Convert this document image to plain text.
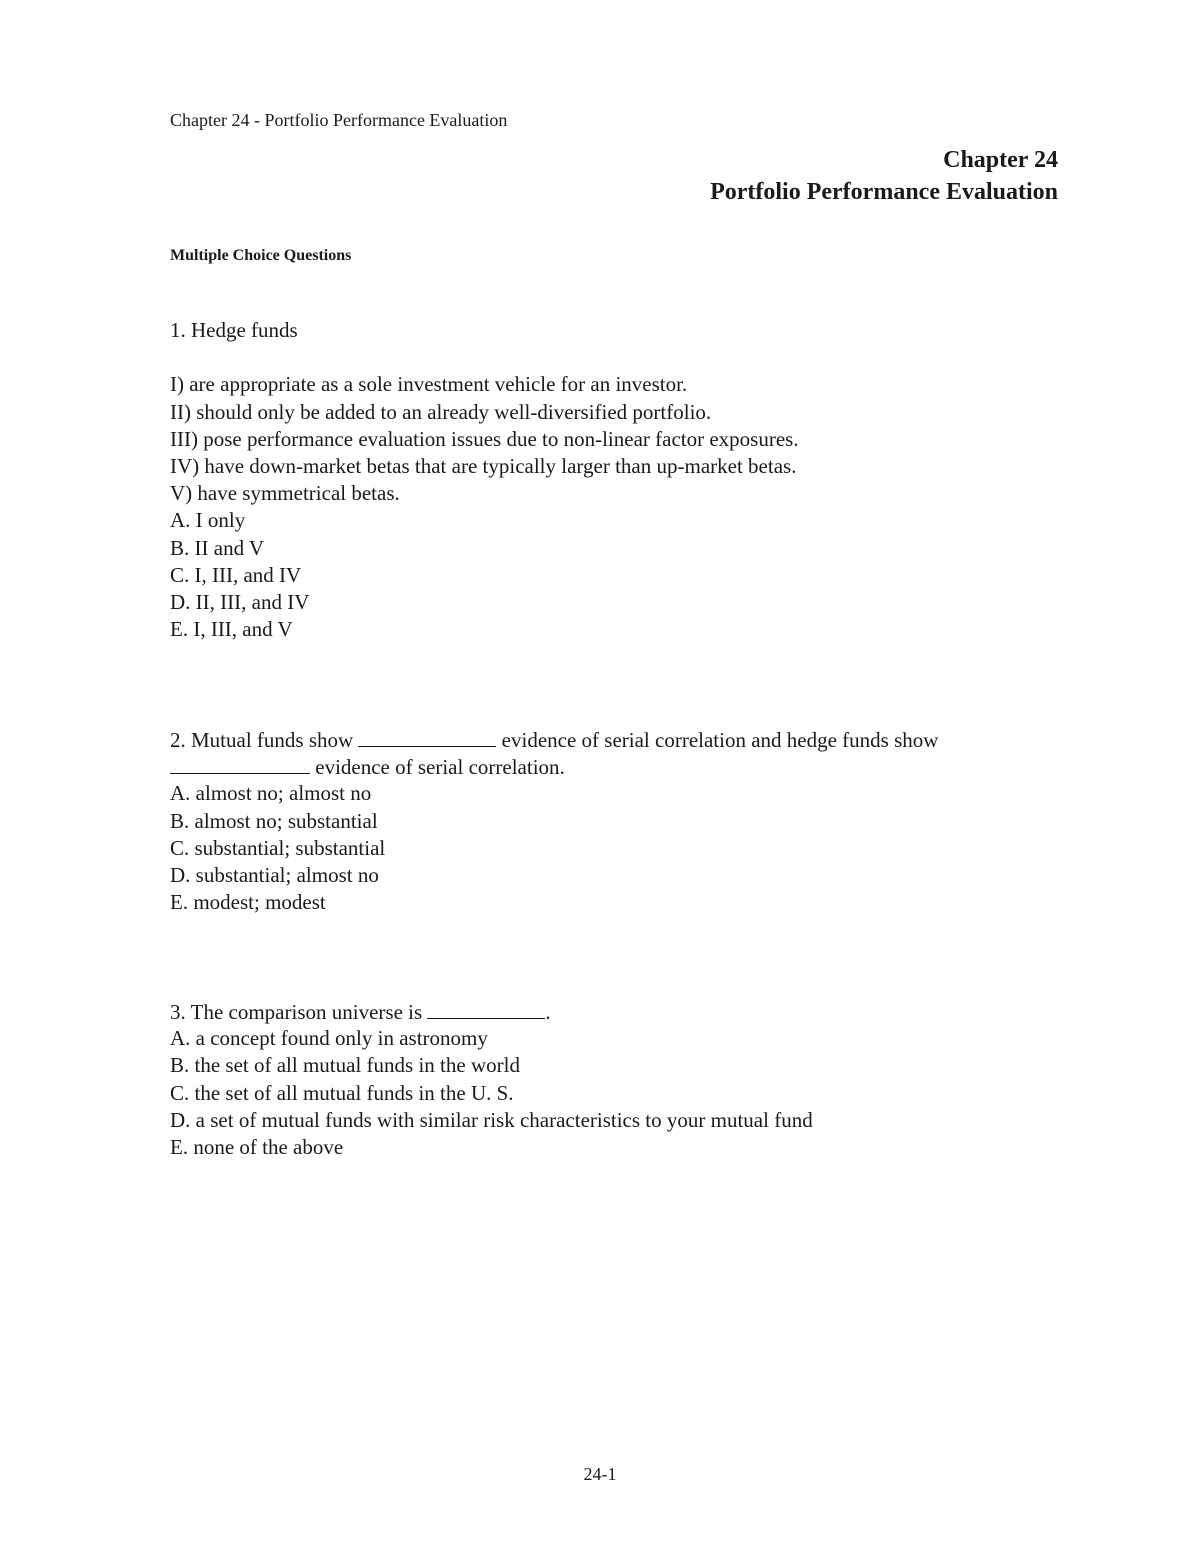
Chapter 24 - Portfolio Performance Evaluation
Chapter 24
Portfolio Performance Evaluation
Multiple Choice Questions
1. Hedge funds
I) are appropriate as a sole investment vehicle for an investor.
II) should only be added to an already well-diversified portfolio.
III) pose performance evaluation issues due to non-linear factor exposures.
IV) have down-market betas that are typically larger than up-market betas.
V) have symmetrical betas.
A. I only
B. II and V
C. I, III, and IV
D. II, III, and IV
E. I, III, and V
2. Mutual funds show	evidence of serial correlation and hedge funds show
evidence of serial correlation.
A. almost no; almost no
B. almost no; substantial
C. substantial; substantial
D. substantial; almost no
E. modest; modest
3. The comparison universe is	.
A. a concept found only in astronomy
B. the set of all mutual funds in the world
C. the set of all mutual funds in the U. S.
D. a set of mutual funds with similar risk characteristics to your mutual fund
E. none of the above
24-1
